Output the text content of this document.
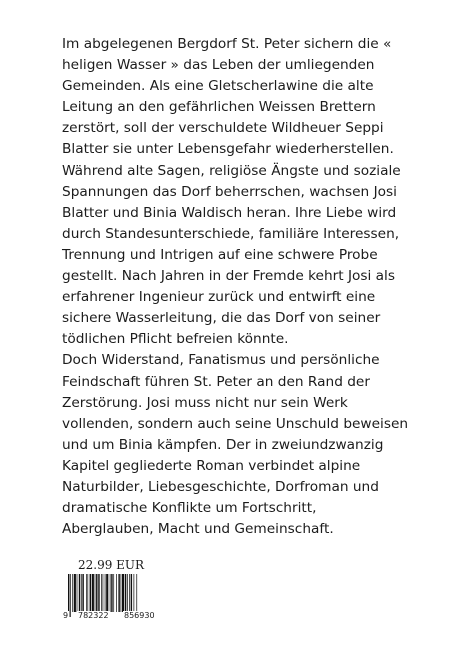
Im abgelegenen Bergdorf St. Peter sichern die « heligen Wasser » das Leben der umliegenden Gemeinden. Als eine Gletscherlawine die alte Leitung an den gefährlichen Weissen Brettern zerstört, soll der verschuldete Wildheuer Seppi Blatter sie unter Lebensgefahr wiederherstellen.

Während alte Sagen, religiöse Ängste und soziale Spannungen das Dorf beherrschen, wachsen Josi Blatter und Binia Waldisch heran. Ihre Liebe wird durch Standesunterschiede, familiäre Interessen, Trennung und Intrigen auf eine schwere Probe gestellt. Nach Jahren in der Fremde kehrt Josi als erfahrener Ingenieur zurück und entwirft eine sichere Wasserleitung, die das Dorf von seiner tödlichen Pflicht befreien könnte.

Doch Widerstand, Fanatismus und persönliche Feindschaft führen St. Peter an den Rand der Zerstörung. Josi muss nicht nur sein Werk vollenden, sondern auch seine Unschuld beweisen und um Binia kämpfen. Der in zweiundzwanzig Kapitel gegliederte Roman verbindet alpine Naturbilder, Liebesgeschichte, Dorfroman und dramatische Konflikte um Fortschritt, Aberglauben, Macht und Gemeinschaft.

22.99 EUR
9 782322 856930
